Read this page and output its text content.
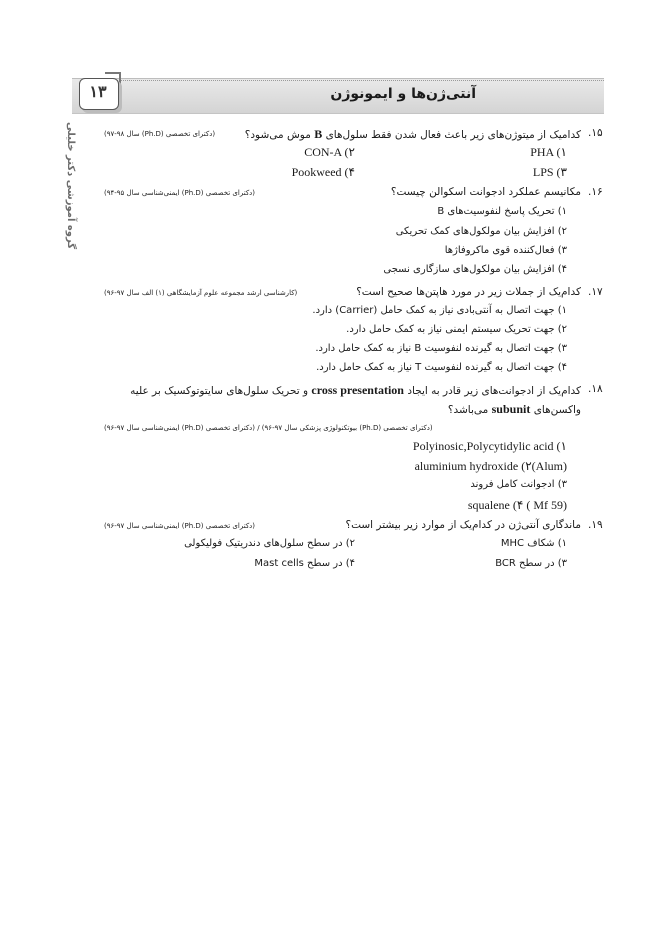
۱۳	آنتی‌ژن‌ها و ایمونوژن
گروه آموزشی دکتر خلیلی	.۱۵
کدامیک از میتوژن‌های زیر باعث فعال شدن فقط سلول‌های B موش می‌شود؟
(دکترای تخصصی (Ph.D) سال ۹۸-۹۷)
PHA (۱
CON-A (۲
LPS (۳
Pookweed (۴
.۱۶
مکانیسم عملکرد ادجوانت اسکوالن چیست؟
(دکترای تخصصی (Ph.D) ایمنی‌شناسی سال ۹۵-۹۴)
۱) تحریک پاسخ لنفوسیت‌های B
۲) افزایش بیان مولکول‌های کمک تحریکی
۳) فعال‌کننده قوی ماکروفاژها
۴) افزایش بیان مولکول‌های سازگاری نسجی
.۱۷
کدام‌یک از جملات زیر در مورد هاپتن‌ها صحیح است؟
(کارشناسی ارشد مجموعه علوم آزمایشگاهی (۱) الف سال ۹۷-۹۶)
۱) جهت اتصال به آنتی‌بادی نیاز به کمک حامل (Carrier) دارد.
۲) جهت تحریک سیستم ایمنی نیاز به کمک حامل دارد.
۳) جهت اتصال به گیرنده لنفوسیت B نیاز به کمک حامل دارد.
۴) جهت اتصال به گیرنده لنفوسیت T نیاز به کمک حامل دارد.
.۱۸
کدام‌یک از ادجوانت‌های زیر قادر به ایجاد cross presentation و تحریک سلول‌های سایتوتوکسیک بر علیه
واکسن‌های subunit می‌باشد؟
(دکترای تخصصی (Ph.D) بیوتکنولوژی پزشکی سال ۹۷-۹۶) / (دکترای تخصصی (Ph.D) ایمنی‌شناسی سال ۹۷-۹۶)
Polyinosic,Polycytidylic acid (۱
(Alum)aluminium hydroxide (۲
۳) ادجوانت کامل فروند
(Mf 59 ) squalene (۴
.۱۹
ماندگاری آنتی‌ژن در کدام‌یک از موارد زیر بیشتر است؟
(دکترای تخصصی (Ph.D) ایمنی‌شناسی سال ۹۷-۹۶)
۱) شکاف MHC
۲) در سطح سلول‌های دندریتیک فولیکولی
۳) در سطح BCR
۴) در سطح Mast cells
